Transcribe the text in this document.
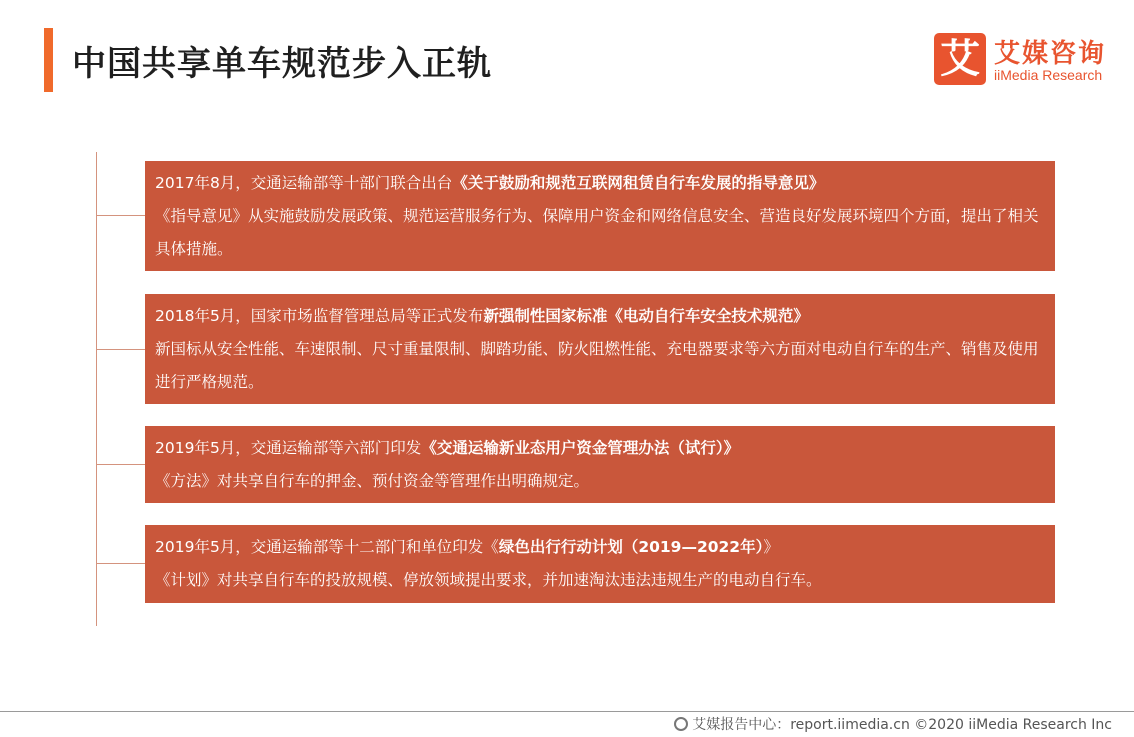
中国共享单车规范步入正轨	艾 艾媒咨询
iiMedia Research
2017年8月，交通运输部等十部门联合出台《关于鼓励和规范互联网租赁自行车发展的指导意见》
《指导意见》从实施鼓励发展政策、规范运营服务行为、保障用户资金和网络信息安全、营造良好发展环境四个方面，提出了相关具体措施。
2018年5月，国家市场监督管理总局等正式发布新强制性国家标准《电动自行车安全技术规范》
新国标从安全性能、车速限制、尺寸重量限制、脚踏功能、防火阻燃性能、充电器要求等六方面对电动自行车的生产、销售及使用进行严格规范。
2019年5月，交通运输部等六部门印发《交通运输新业态用户资金管理办法（试行）》
《方法》对共享自行车的押金、预付资金等管理作出明确规定。
2019年5月，交通运输部等十二部门和单位印发《绿色出行行动计划（2019—2022年）》
《计划》对共享自行车的投放规模、停放领域提出要求，并加速淘汰违法违规生产的电动自行车。
艾媒报告中心：report.iimedia.cn ©2020 iiMedia Research Inc
